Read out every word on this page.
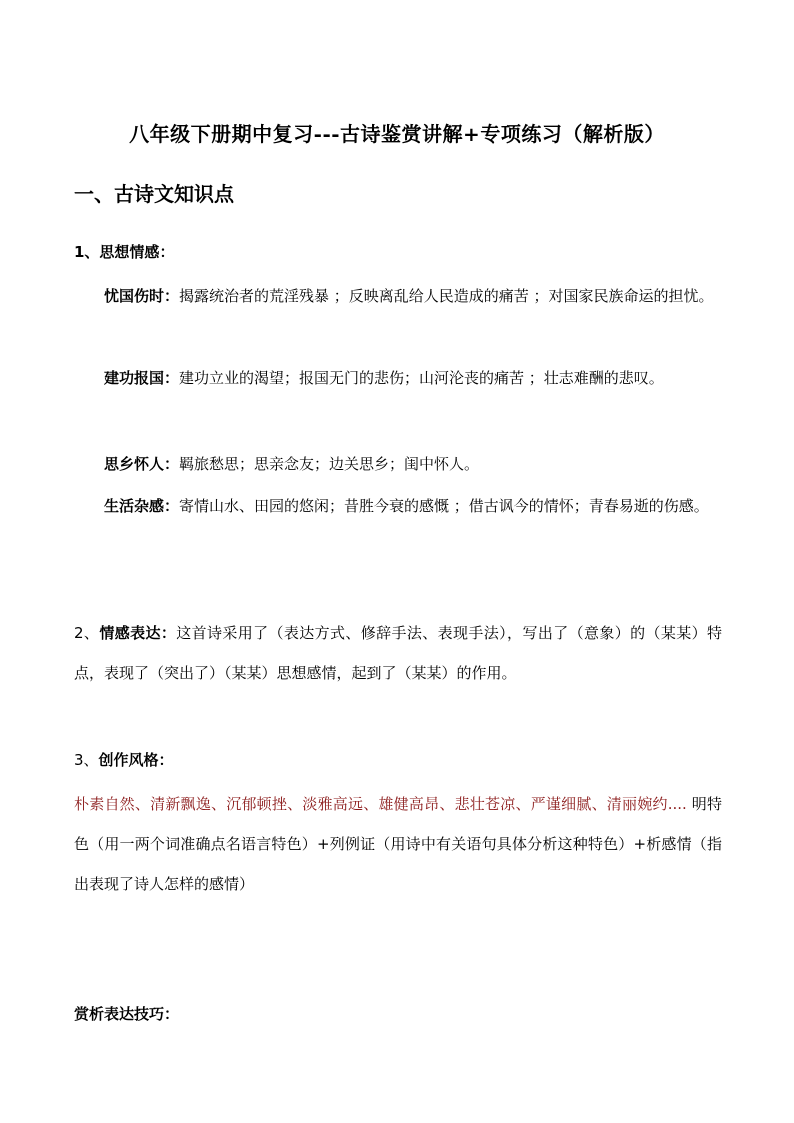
八年级下册期中复习---古诗鉴赏讲解+专项练习（解析版）
一、古诗文知识点
1、思想情感：
忧国伤时：揭露统治者的荒淫残暴 ；反映离乱给人民造成的痛苦 ；对国家民族命运的担忧。
建功报国：建功立业的渴望；报国无门的悲伤；山河沦丧的痛苦 ；壮志难酬的悲叹。
思乡怀人：羁旅愁思；思亲念友；边关思乡；闺中怀人。
生活杂感：寄情山水、田园的悠闲；昔胜今衰的感慨 ；借古讽今的情怀；青春易逝的伤感。
2、情感表达：这首诗采用了（表达方式、修辞手法、表现手法），写出了（意象）的（某某）特点，表现了（突出了）（某某）思想感情，起到了（某某）的作用。
3、创作风格：
朴素自然、清新飘逸、沉郁顿挫、淡雅高远、雄健高昂、悲壮苍凉、严谨细腻、清丽婉约.... 明特色（用一两个词准确点名语言特色）+列例证（用诗中有关语句具体分析这种特色）+析感情（指出表现了诗人怎样的感情）
赏析表达技巧：
